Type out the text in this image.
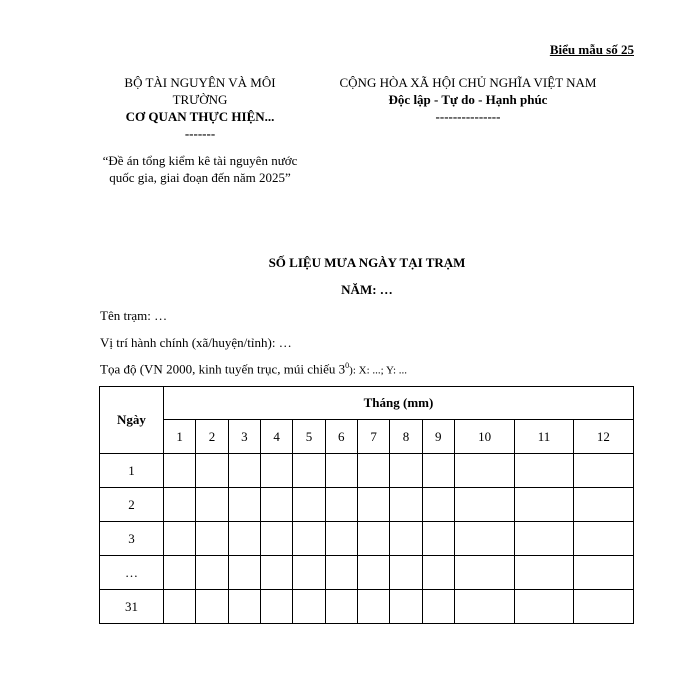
Biểu mẫu số 25
BỘ TÀI NGUYÊN VÀ MÔI TRƯỜNG
CƠ QUAN THỰC HIỆN...
-------
“Đề án tổng kiểm kê tài nguyên nước quốc gia, giai đoạn đến năm 2025”
CỘNG HÒA XÃ HỘI CHỦ NGHĨA VIỆT NAM
Độc lập - Tự do - Hạnh phúc
---------------
SỐ LIỆU MƯA NGÀY TẠI TRẠM
NĂM: …
Tên trạm: …
Vị trí hành chính (xã/huyện/tỉnh): …
Tọa độ (VN 2000, kinh tuyến trục, múi chiếu $3^0$): X: ...; Y: ...
Ngày	Tháng (mm)											
	1	2	3	4	5	6	7	8	9	10	11	12
1												
2												
3												
…												
31												
